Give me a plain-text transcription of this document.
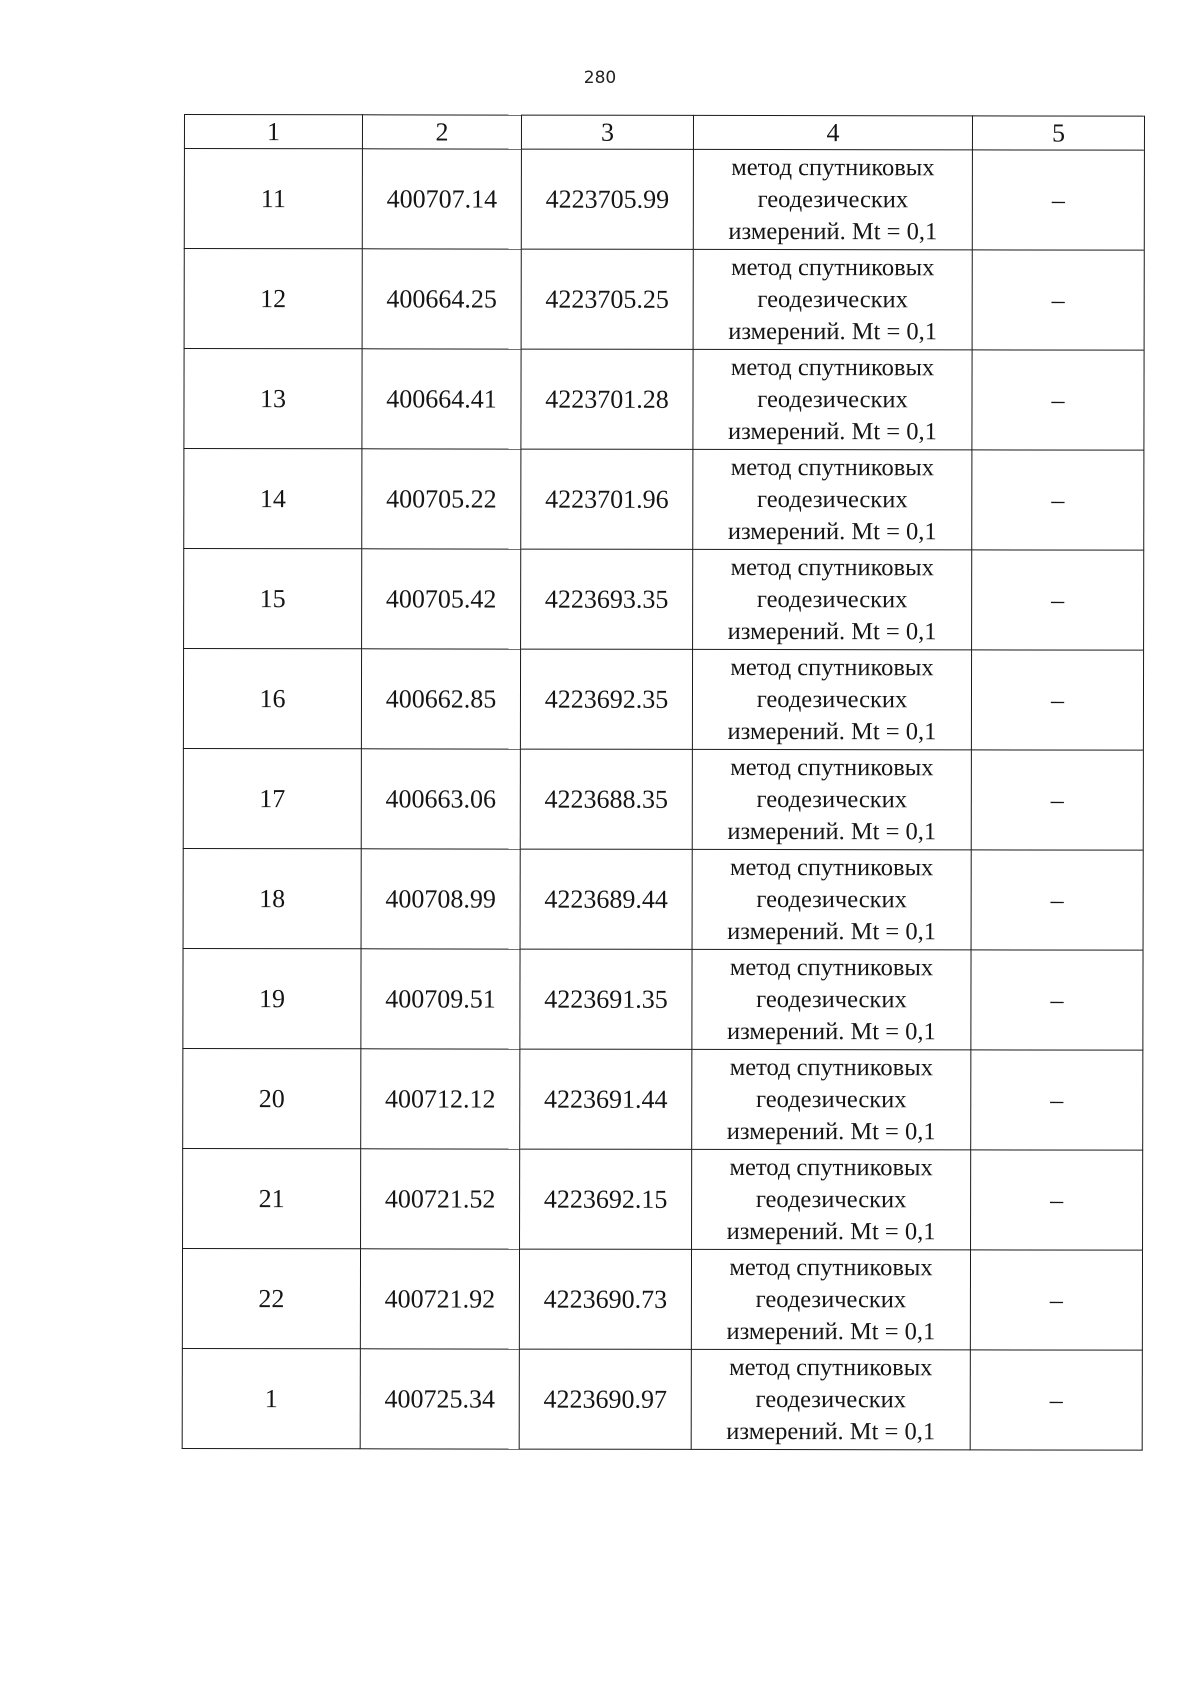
280
1	2	3	4	5
11	400707.14	4223705.99	метод спутниковых
геодезических
измерений. Mt = 0,1	–
12	400664.25	4223705.25	метод спутниковых
геодезических
измерений. Mt = 0,1	–
13	400664.41	4223701.28	метод спутниковых
геодезических
измерений. Mt = 0,1	–
14	400705.22	4223701.96	метод спутниковых
геодезических
измерений. Mt = 0,1	–
15	400705.42	4223693.35	метод спутниковых
геодезических
измерений. Mt = 0,1	–
16	400662.85	4223692.35	метод спутниковых
геодезических
измерений. Mt = 0,1	–
17	400663.06	4223688.35	метод спутниковых
геодезических
измерений. Mt = 0,1	–
18	400708.99	4223689.44	метод спутниковых
геодезических
измерений. Mt = 0,1	–
19	400709.51	4223691.35	метод спутниковых
геодезических
измерений. Mt = 0,1	–
20	400712.12	4223691.44	метод спутниковых
геодезических
измерений. Mt = 0,1	–
21	400721.52	4223692.15	метод спутниковых
геодезических
измерений. Mt = 0,1	–
22	400721.92	4223690.73	метод спутниковых
геодезических
измерений. Mt = 0,1	–
1	400725.34	4223690.97	метод спутниковых
геодезических
измерений. Mt = 0,1	–
